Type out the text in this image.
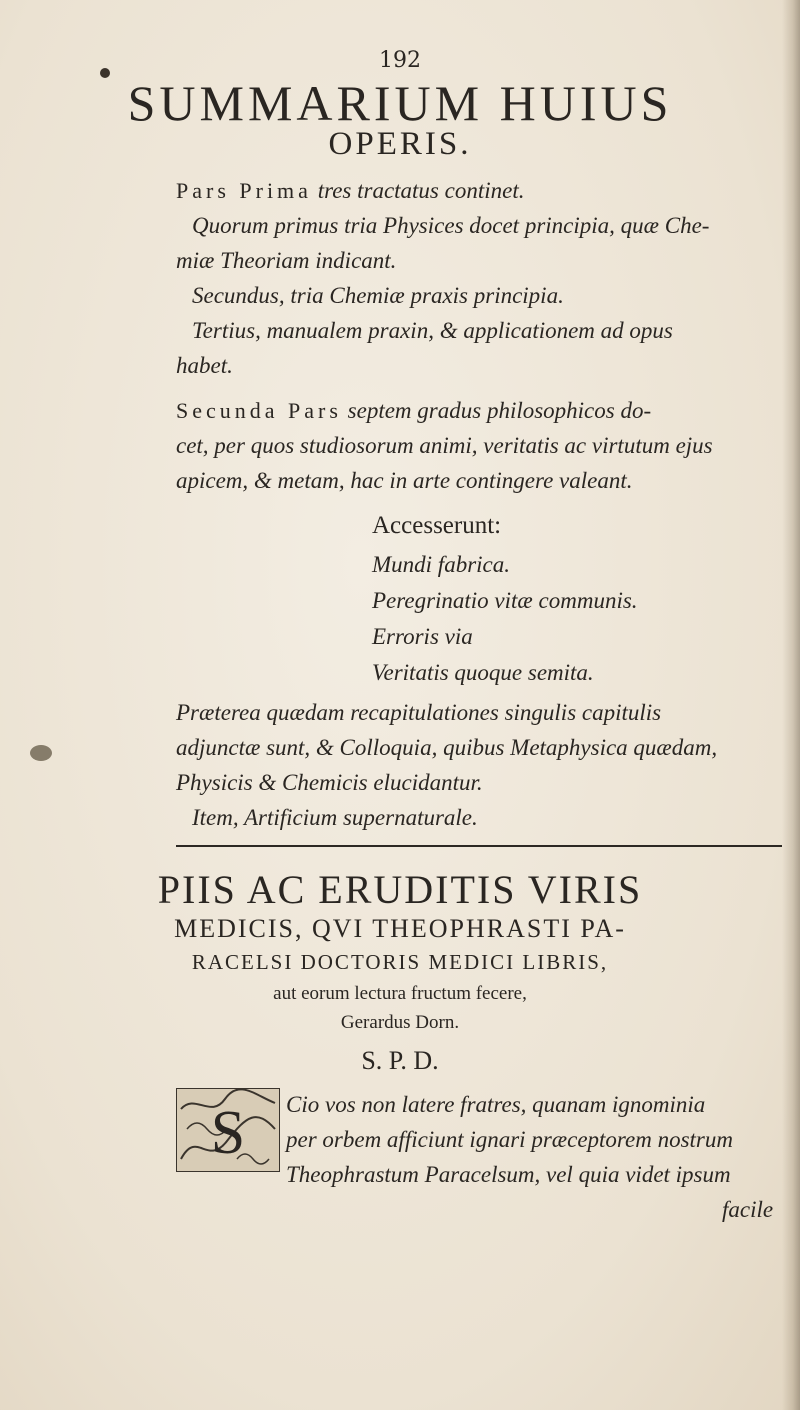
192
SUMMARIUM HUIUS
OPERIS.
Pars Prima tres tractatus continet.
Quorum primus tria Physices docet principia, quæ Che-
miæ Theoriam indicant.
Secundus, tria Chemiæ praxis principia.
Tertius, manualem praxin, & applicationem ad opus
habet.
Secunda Pars septem gradus philosophicos do-
cet, per quos studiosorum animi, veritatis ac virtutum ejus
apicem, & metam, hac in arte contingere valeant.
Accesserunt:
Mundi fabrica.
Peregrinatio vitæ communis.
Erroris via
Veritatis quoque semita.
Præterea quædam recapitulationes singulis capitulis
adjunctæ sunt, & Colloquia, quibus Metaphysica quædam,
Physicis & Chemicis elucidantur.
Item, Artificium supernaturale.
PIIS AC ERUDITIS VIRIS
MEDICIS, QVI THEOPHRASTI PA-
RACELSI DOCTORIS MEDICI LIBRIS,
aut eorum lectura fructum fecere,
Gerardus Dorn.
S. P. D.
S Cio vos non latere fratres, quanam ignominia
per orbem afficiunt ignari præceptorem nostrum
Theophrastum Paracelsum, vel quia videt ipsum
facile
